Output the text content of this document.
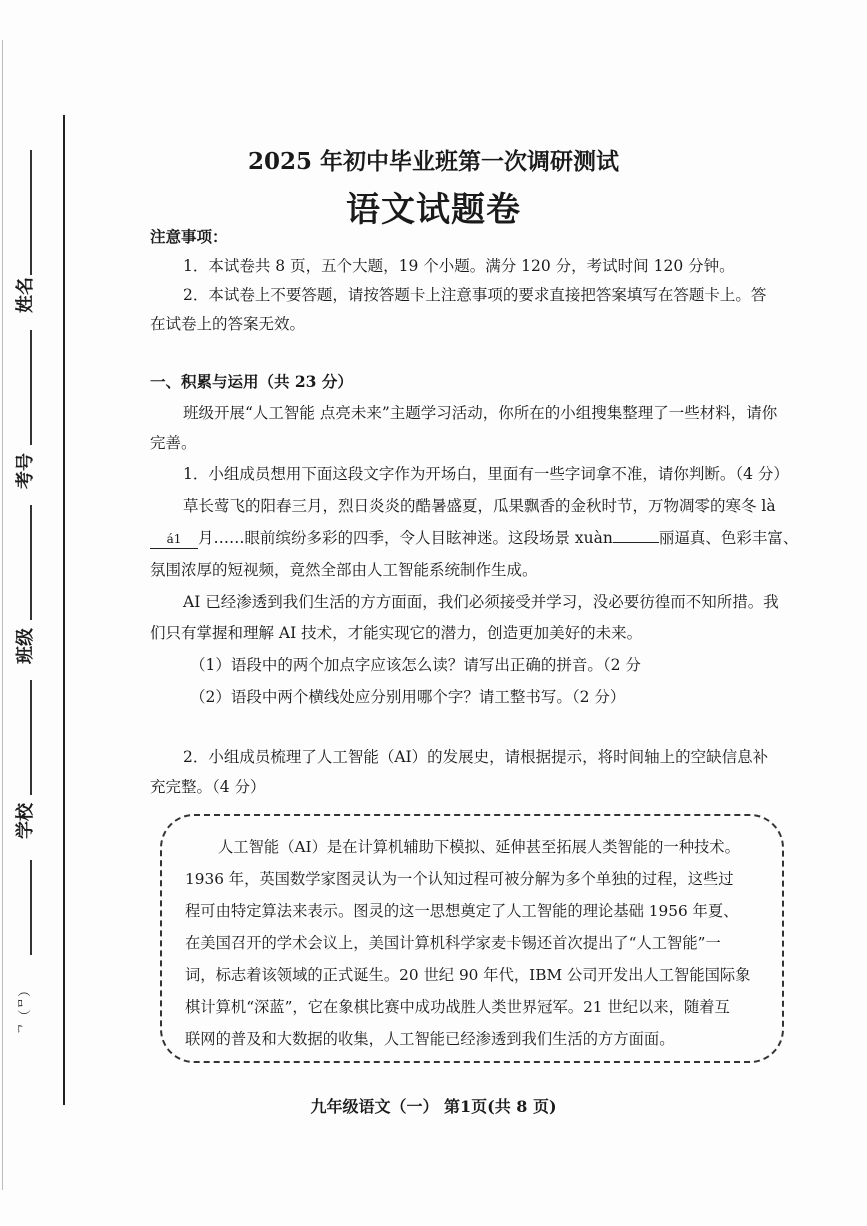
姓名
考号
班级
学校
ᄀ（ᄆ）
2025 年初中毕业班第一次调研测试
语文试题卷
注意事项：
1．本试卷共 8 页，五个大题，19 个小题。满分 120 分，考试时间 120 分钟。
2．本试卷上不要答题，请按答题卡上注意事项的要求直接把答案填写在答题卡上。答
在试卷上的答案无效。
一、积累与运用（共 23 分）
班级开展“人工智能 点亮未来”主题学习活动，你所在的小组搜集整理了一些材料，请你
完善。
1．小组成员想用下面这段文字作为开场白，里面有一些字词拿不准，请你判断。（4 分）
草长莺飞的阳春三月，烈日炎炎的酷暑盛夏，瓜果飘香的金秋时节，万物凋零的寒冬 là
á1 月……眼前缤纷多彩的四季，令人目眩神迷。这段场景 xuàn	丽逼真、色彩丰富、
氛围浓厚的短视频，竟然全部由人工智能系统制作生成。
AI 已经渗透到我们生活的方方面面，我们必须接受并学习，没必要彷徨而不知所措。我
们只有掌握和理解 AI 技术，才能实现它的潜力，创造更加美好的未来。
（1）语段中的两个加点字应该怎么读？请写出正确的拼音。（2 分
（2）语段中两个横线处应分别用哪个字？请工整书写。（2 分）
2．小组成员梳理了人工智能（AI）的发展史，请根据提示，将时间轴上的空缺信息补
充完整。（4 分）
人工智能（AI）是在计算机辅助下模拟、延伸甚至拓展人类智能的一种技术。
1936 年，英国数学家图灵认为一个认知过程可被分解为多个单独的过程，这些过
程可由特定算法来表示。图灵的这一思想奠定了人工智能的理论基础 1956 年夏、
在美国召开的学术会议上，美国计算机科学家麦卡锡还首次提出了“人工智能”一
词，标志着该领域的正式诞生。20 世纪 90 年代，IBM 公司开发出人工智能国际象
棋计算机“深蓝”，它在象棋比赛中成功战胜人类世界冠军。21 世纪以来，随着互
联网的普及和大数据的收集，人工智能已经渗透到我们生活的方方面面。
九年级语文（一） 第1页(共 8 页)
